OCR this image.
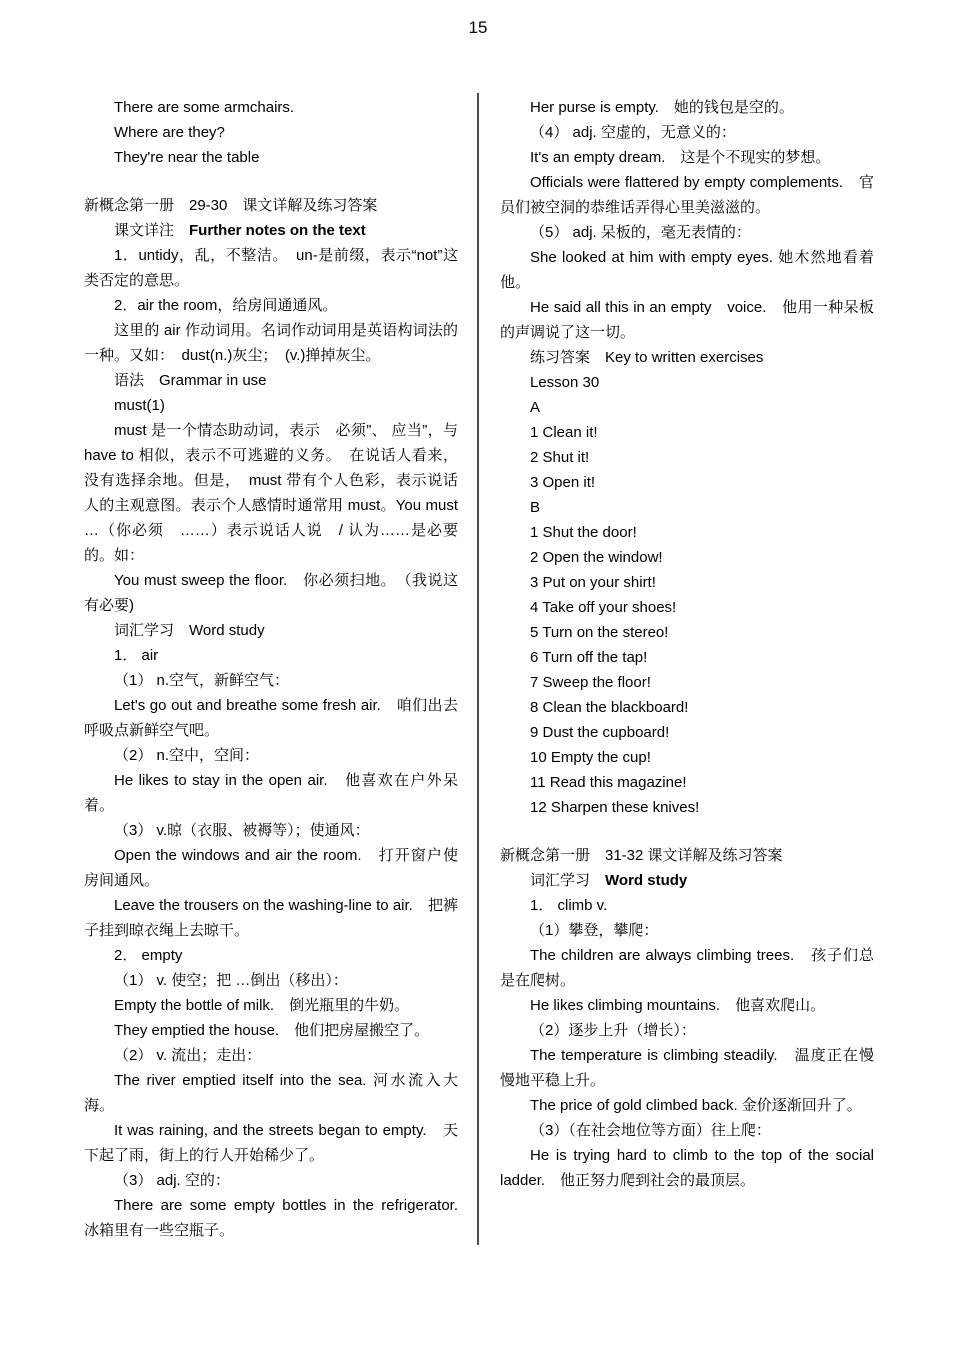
15

There are some armchairs.

Where are they?

They're near the table

新概念第一册　29-30　课文详解及练习答案

课文详注　Further notes on the text

1．untidy，乱，不整洁。　un-是前缀，表示“not”这类否定的意思。

2．air the room，给房间通通风。

这里的 air 作动词用。名词作动词用是英语构词法的一种。又如：　dust(n.)灰尘；　(v.)掸掉灰尘。

语法　Grammar in use

must(1)

must 是一个情态助动词，表示　必须”、 应当”，与 have to 相似，表示不可逃避的义务。　在说话人看来，没有选择余地。但是，　must 带有个人色彩，表示说话人的主观意图。表示个人感情时通常用 must。You must …（你必须　……）表示说话人说　/ 认为……是必要的。如：

You must sweep the floor.　你必须扫地。　（我说这有必要)

词汇学习　Word study

1． air

（1） n.空气，新鲜空气：

Let's go out and breathe some fresh air.　咱们出去呼吸点新鲜空气吧。

（2） n.空中，空间：

He likes to stay in the open air.　他喜欢在户外呆着。

（3） v.晾（衣服、被褥等）；使通风：

Open the windows and air the room.　打开窗户使房间通风。

Leave the trousers on the washing-line to air.　把裤子挂到晾衣绳上去晾干。

2． empty

（1） v. 使空；把 …倒出（移出）：

Empty the bottle of milk.　倒光瓶里的牛奶。

They emptied the house.　他们把房屋搬空了。

（2） v. 流出；走出：

The river emptied itself into the sea. 河水流入大海。

It was raining, and the streets began to empty.　天下起了雨，街上的行人开始稀少了。

（3） adj. 空的：

There are some empty bottles in the refrigerator.　冰箱里有一些空瓶子。

Her purse is empty.　她的钱包是空的。

（4） adj. 空虚的，无意义的：

It's an empty dream.　这是个不现实的梦想。

Officials were flattered by empty complements.　官员们被空洞的恭维话弄得心里美滋滋的。

（5） adj. 呆板的，毫无表情的：

She looked at him with empty eyes. 她木然地看着他。

He said all this in an empty　voice.　他用一种呆板的声调说了这一切。

练习答案　Key to written exercises

Lesson 30

A

1 Clean it!

2 Shut it!

3 Open it!

B

1 Shut the door!

2 Open the window!

3 Put on your shirt!

4 Take off your shoes!

5 Turn on the stereo!

6 Turn off the tap!

7 Sweep the floor!

8 Clean the blackboard!

9 Dust the cupboard!

10 Empty the cup!

11 Read this magazine!

12 Sharpen these knives!

新概念第一册　31-32 课文详解及练习答案

词汇学习　Word study

1． climb v.

（1）攀登，攀爬：

The children are always climbing trees.　孩子们总是在爬树。

He likes climbing mountains.　他喜欢爬山。

（2）逐步上升（增长）：

The temperature is climbing steadily.　温度正在慢慢地平稳上升。

The price of gold climbed back. 金价逐渐回升了。

（3）（在社会地位等方面）往上爬：

He is trying hard to climb to the top of the social ladder.　他正努力爬到社会的最顶层。
